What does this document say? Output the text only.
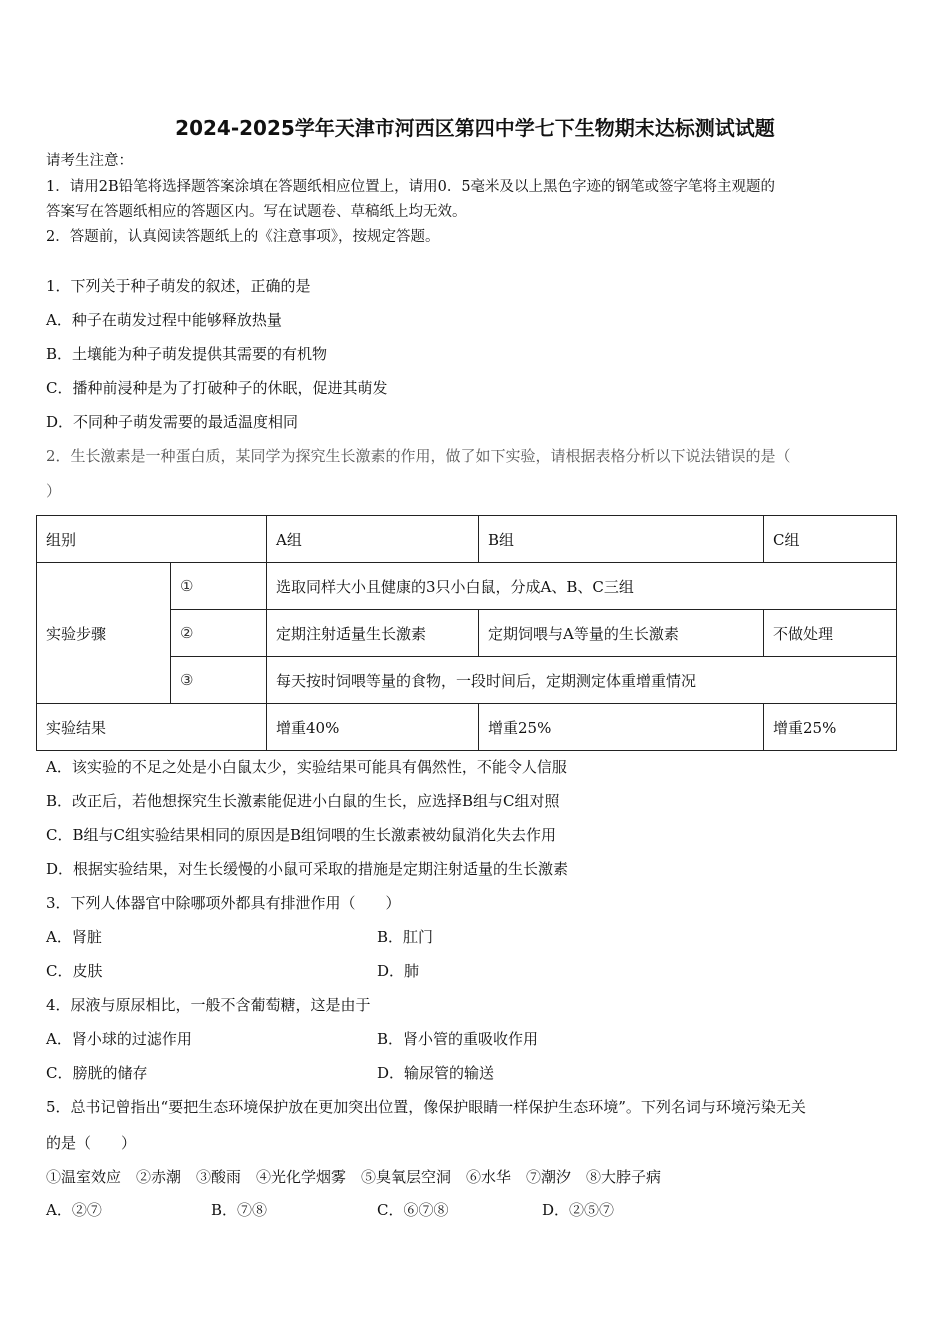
2024-2025学年天津市河西区第四中学七下生物期末达标测试试题
请考生注意：
1．请用2B铅笔将选择题答案涂填在答题纸相应位置上，请用0．5毫米及以上黑色字迹的钢笔或签字笔将主观题的
答案写在答题纸相应的答题区内。写在试题卷、草稿纸上均无效。
2．答题前，认真阅读答题纸上的《注意事项》，按规定答题。
1．下列关于种子萌发的叙述，正确的是
A．种子在萌发过程中能够释放热量
B．土壤能为种子萌发提供其需要的有机物
C．播种前浸种是为了打破种子的休眠，促进其萌发
D．不同种子萌发需要的最适温度相同
2．生长激素是一种蛋白质，某同学为探究生长激素的作用，做了如下实验，请根据表格分析以下说法错误的是（
）
组别		A组	B组	C组
实验步骤	①	选取同样大小且健康的3只小白鼠，分成A、B、C三组		
	②	定期注射适量生长激素	定期饲喂与A等量的生长激素	不做处理
	③	每天按时饲喂等量的食物，一段时间后，定期测定体重增重情况		
实验结果		增重40%	增重25%	增重25%
A．该实验的不足之处是小白鼠太少，实验结果可能具有偶然性，不能令人信服
B．改正后，若他想探究生长激素能促进小白鼠的生长，应选择B组与C组对照
C．B组与C组实验结果相同的原因是B组饲喂的生长激素被幼鼠消化失去作用
D．根据实验结果，对生长缓慢的小鼠可采取的措施是定期注射适量的生长激素
3．下列人体器官中除哪项外都具有排泄作用（　　）
A．肾脏	B．肛门
C．皮肤	D．肺
4．尿液与原尿相比，一般不含葡萄糖，这是由于
A．肾小球的过滤作用	B．肾小管的重吸收作用
C．膀胱的储存	D．输尿管的输送
5．总书记曾指出“要把生态环境保护放在更加突出位置，像保护眼睛一样保护生态环境”。下列名词与环境污染无关
的是（　　）
①温室效应　②赤潮　③酸雨　④光化学烟雾　⑤臭氧层空洞　⑥水华　⑦潮汐　⑧大脖子病
A．②⑦	B．⑦⑧	C．⑥⑦⑧	D．②⑤⑦
